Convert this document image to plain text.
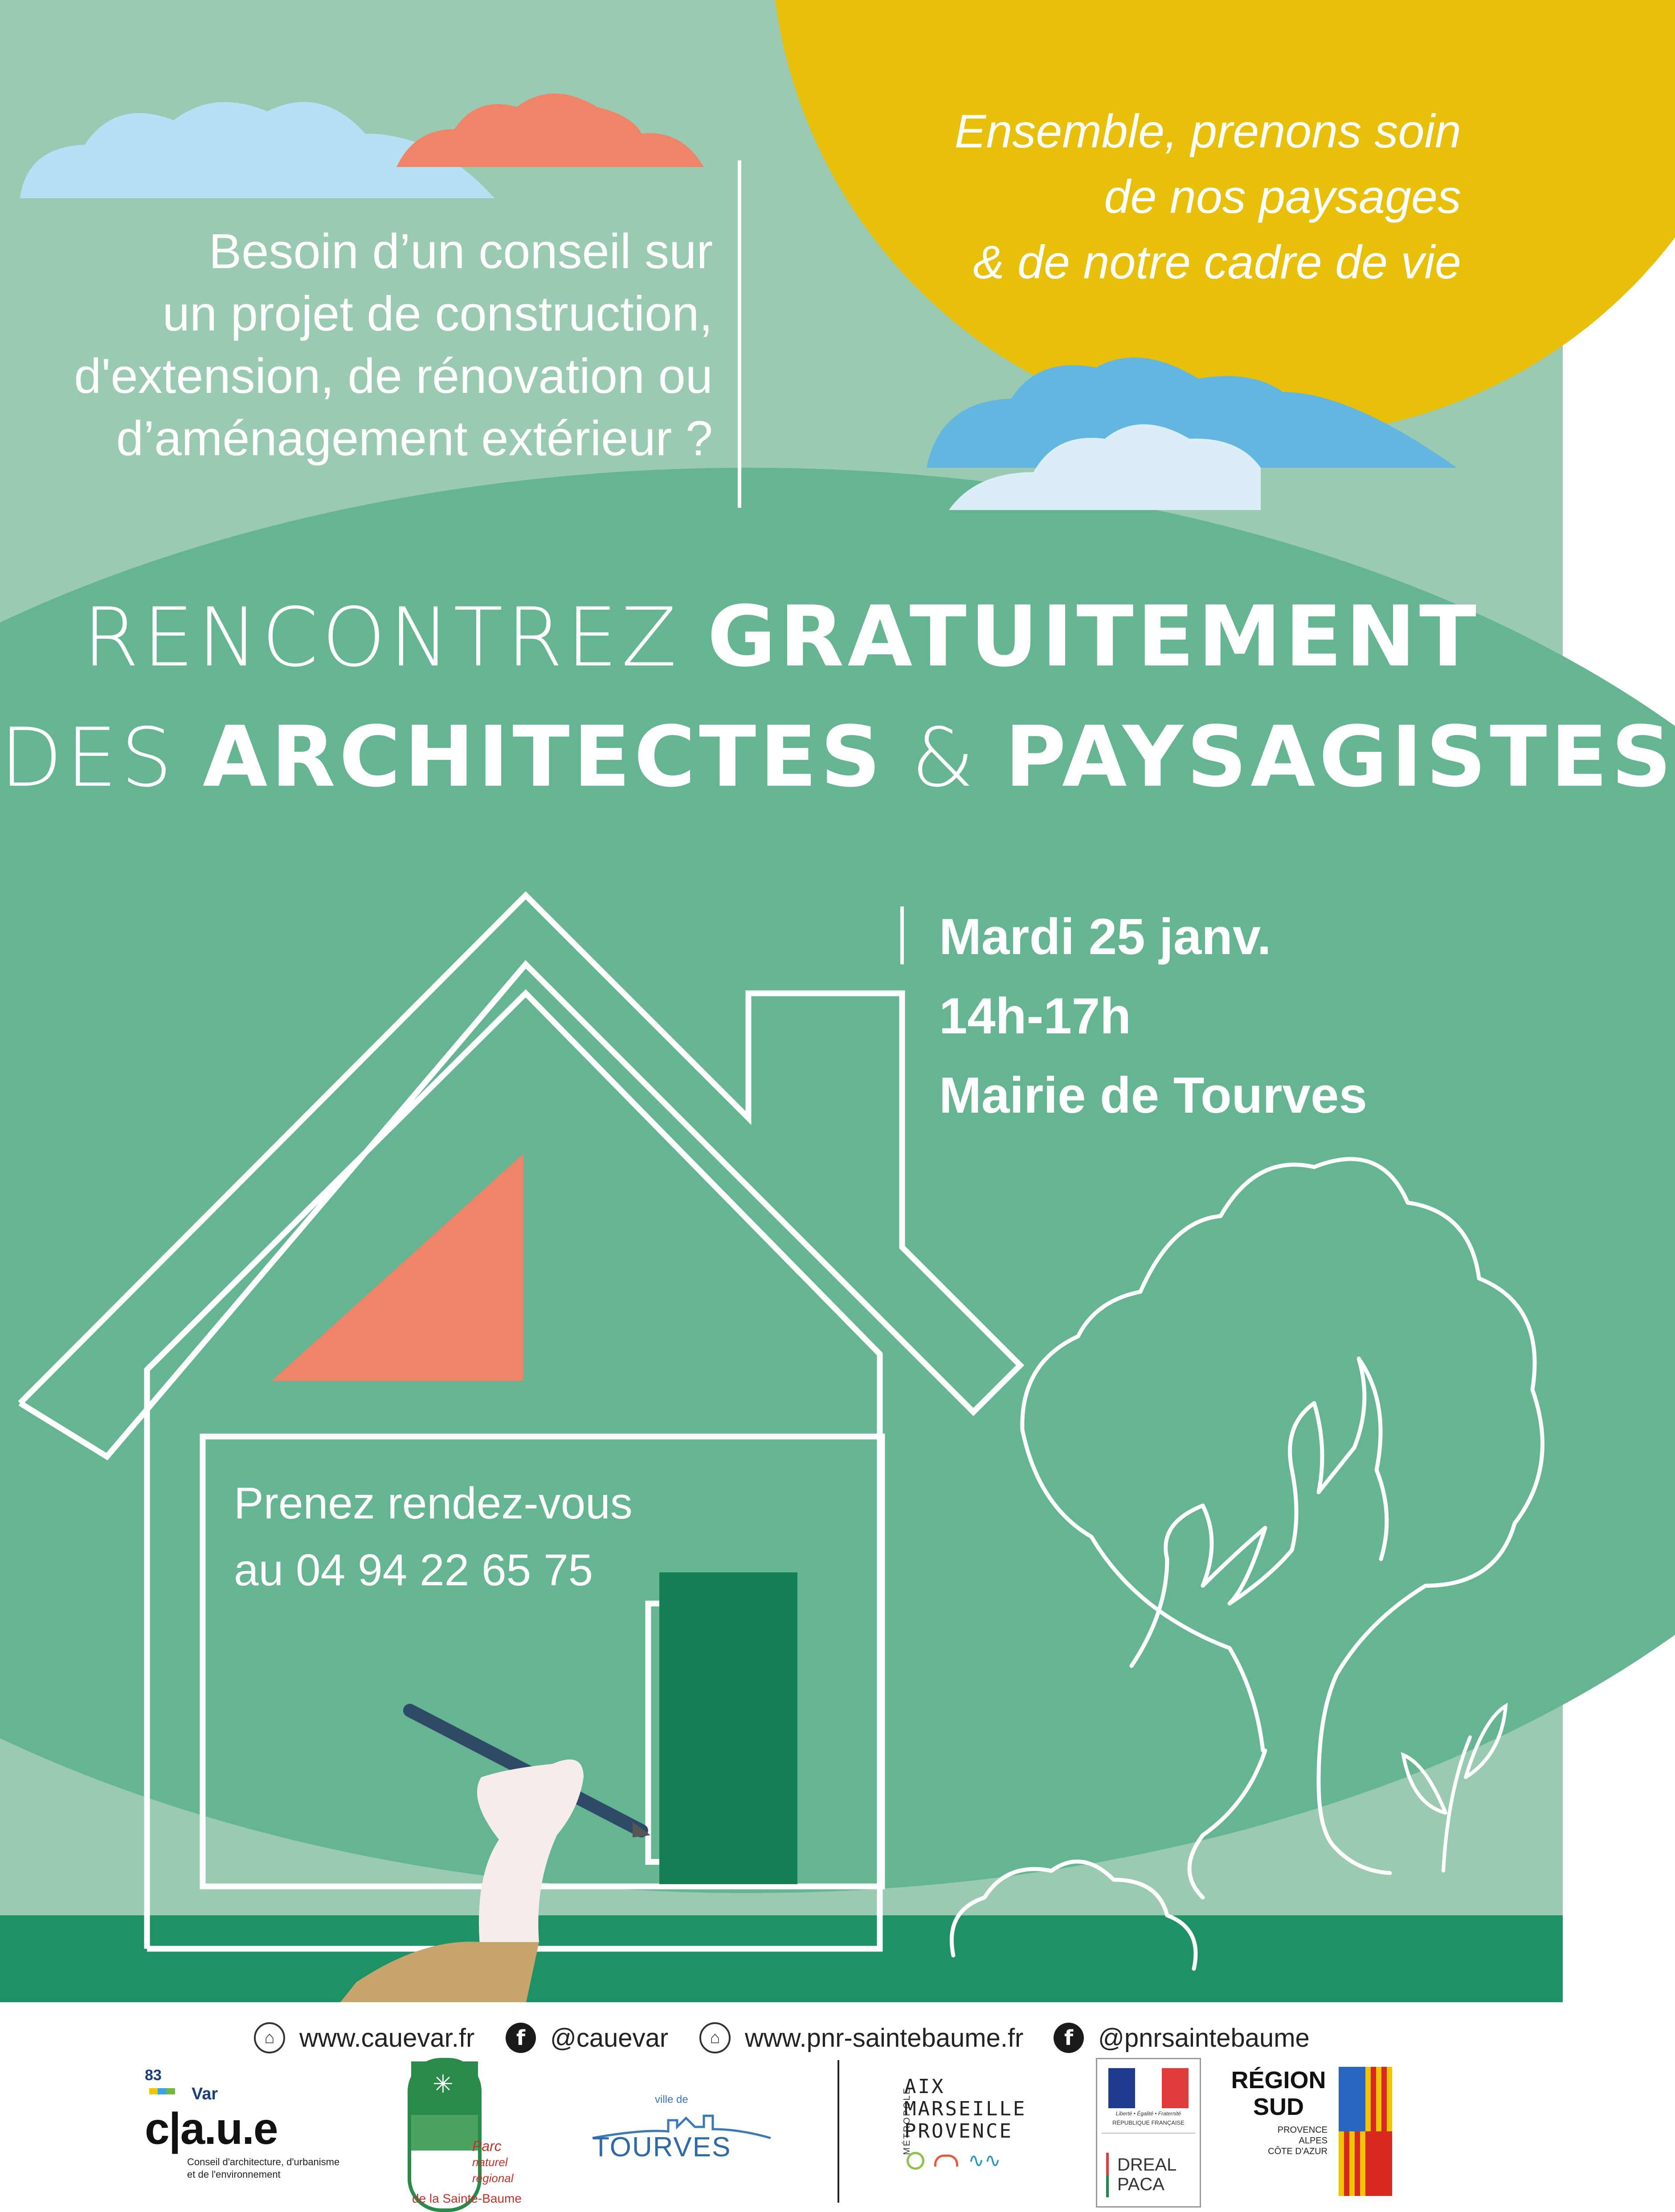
Besoin d’un conseil sur
un projet de construction,
d'extension, de rénovation ou
d’aménagement extérieur ?
Ensemble, prenons soin
de nos paysages
& de notre cadre de vie
RENCONTREZ GRATUITEMENT
DES ARCHITECTES & PAYSAGISTES
Mardi 25 janv.
14h-17h
Mairie de Tourves
Prenez rendez-vous
au 04 94 22 65 75
⌂ www.cauevar.fr	f @cauevar	⌂ www.pnr-saintebaume.fr	f @pnrsaintebaume
83
Var
c|a.u.e
Conseil d'architecture, d'urbanisme
et de l'environnement
✳
Parc
naturel
régional
de la Sainte-Baume
ville de
TOURVES	MÉTROPOLE
AIX
MARSEILLE
PROVENCE
∿∿
Liberté • Égalité • Fraternité
RÉPUBLIQUE FRANÇAISE
DREAL
PACA
RÉGION
SUD
PROVENCE
ALPES
CÔTE D'AZUR
